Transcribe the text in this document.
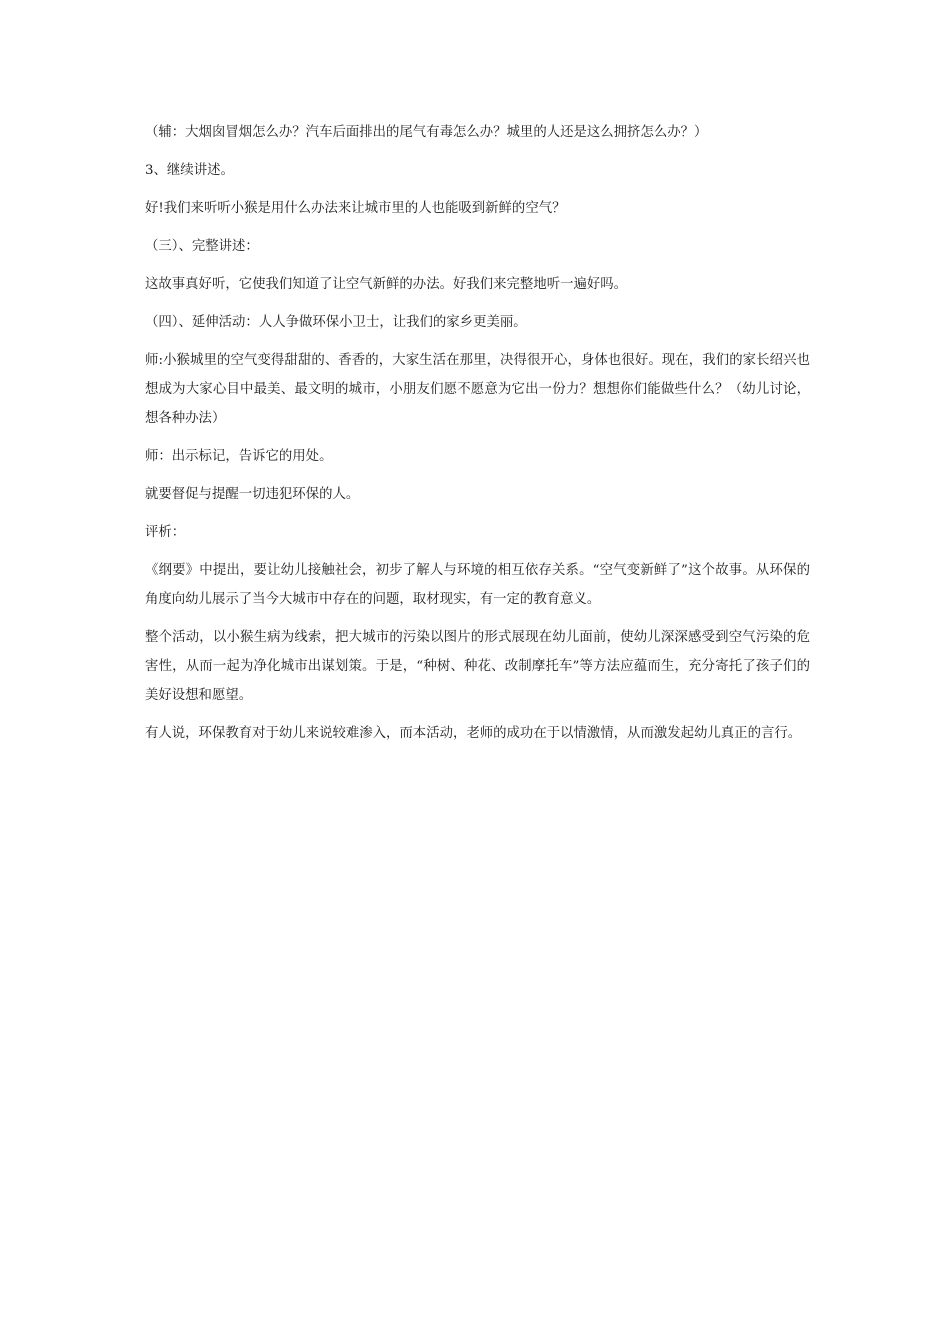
（辅：大烟囱冒烟怎么办？汽车后面排出的尾气有毒怎么办？城里的人还是这么拥挤怎么办？）

3、继续讲述。

好!我们来听听小猴是用什么办法来让城市里的人也能吸到新鲜的空气？

（三）、完整讲述：

这故事真好听，它使我们知道了让空气新鲜的办法。好我们来完整地听一遍好吗。

（四）、延伸活动：人人争做环保小卫士，让我们的家乡更美丽。

师:小猴城里的空气变得甜甜的、香香的，大家生活在那里，决得很开心，身体也很好。现在，我们的家长绍兴也想成为大家心目中最美、最文明的城市，小朋友们愿不愿意为它出一份力？想想你们能做些什么？（幼儿讨论，想各种办法）

师：出示标记，告诉它的用处。

就要督促与提醒一切违犯环保的人。

评析：

《纲要》中提出，要让幼儿接触社会，初步了解人与环境的相互依存关系。“空气变新鲜了”这个故事。从环保的角度向幼儿展示了当今大城市中存在的问题，取材现实，有一定的教育意义。

整个活动，以小猴生病为线索，把大城市的污染以图片的形式展现在幼儿面前，使幼儿深深感受到空气污染的危害性，从而一起为净化城市出谋划策。于是，“种树、种花、改制摩托车”等方法应蕴而生，充分寄托了孩子们的美好设想和愿望。

有人说，环保教育对于幼儿来说较难渗入，而本活动，老师的成功在于以情激情，从而激发起幼儿真正的言行。
